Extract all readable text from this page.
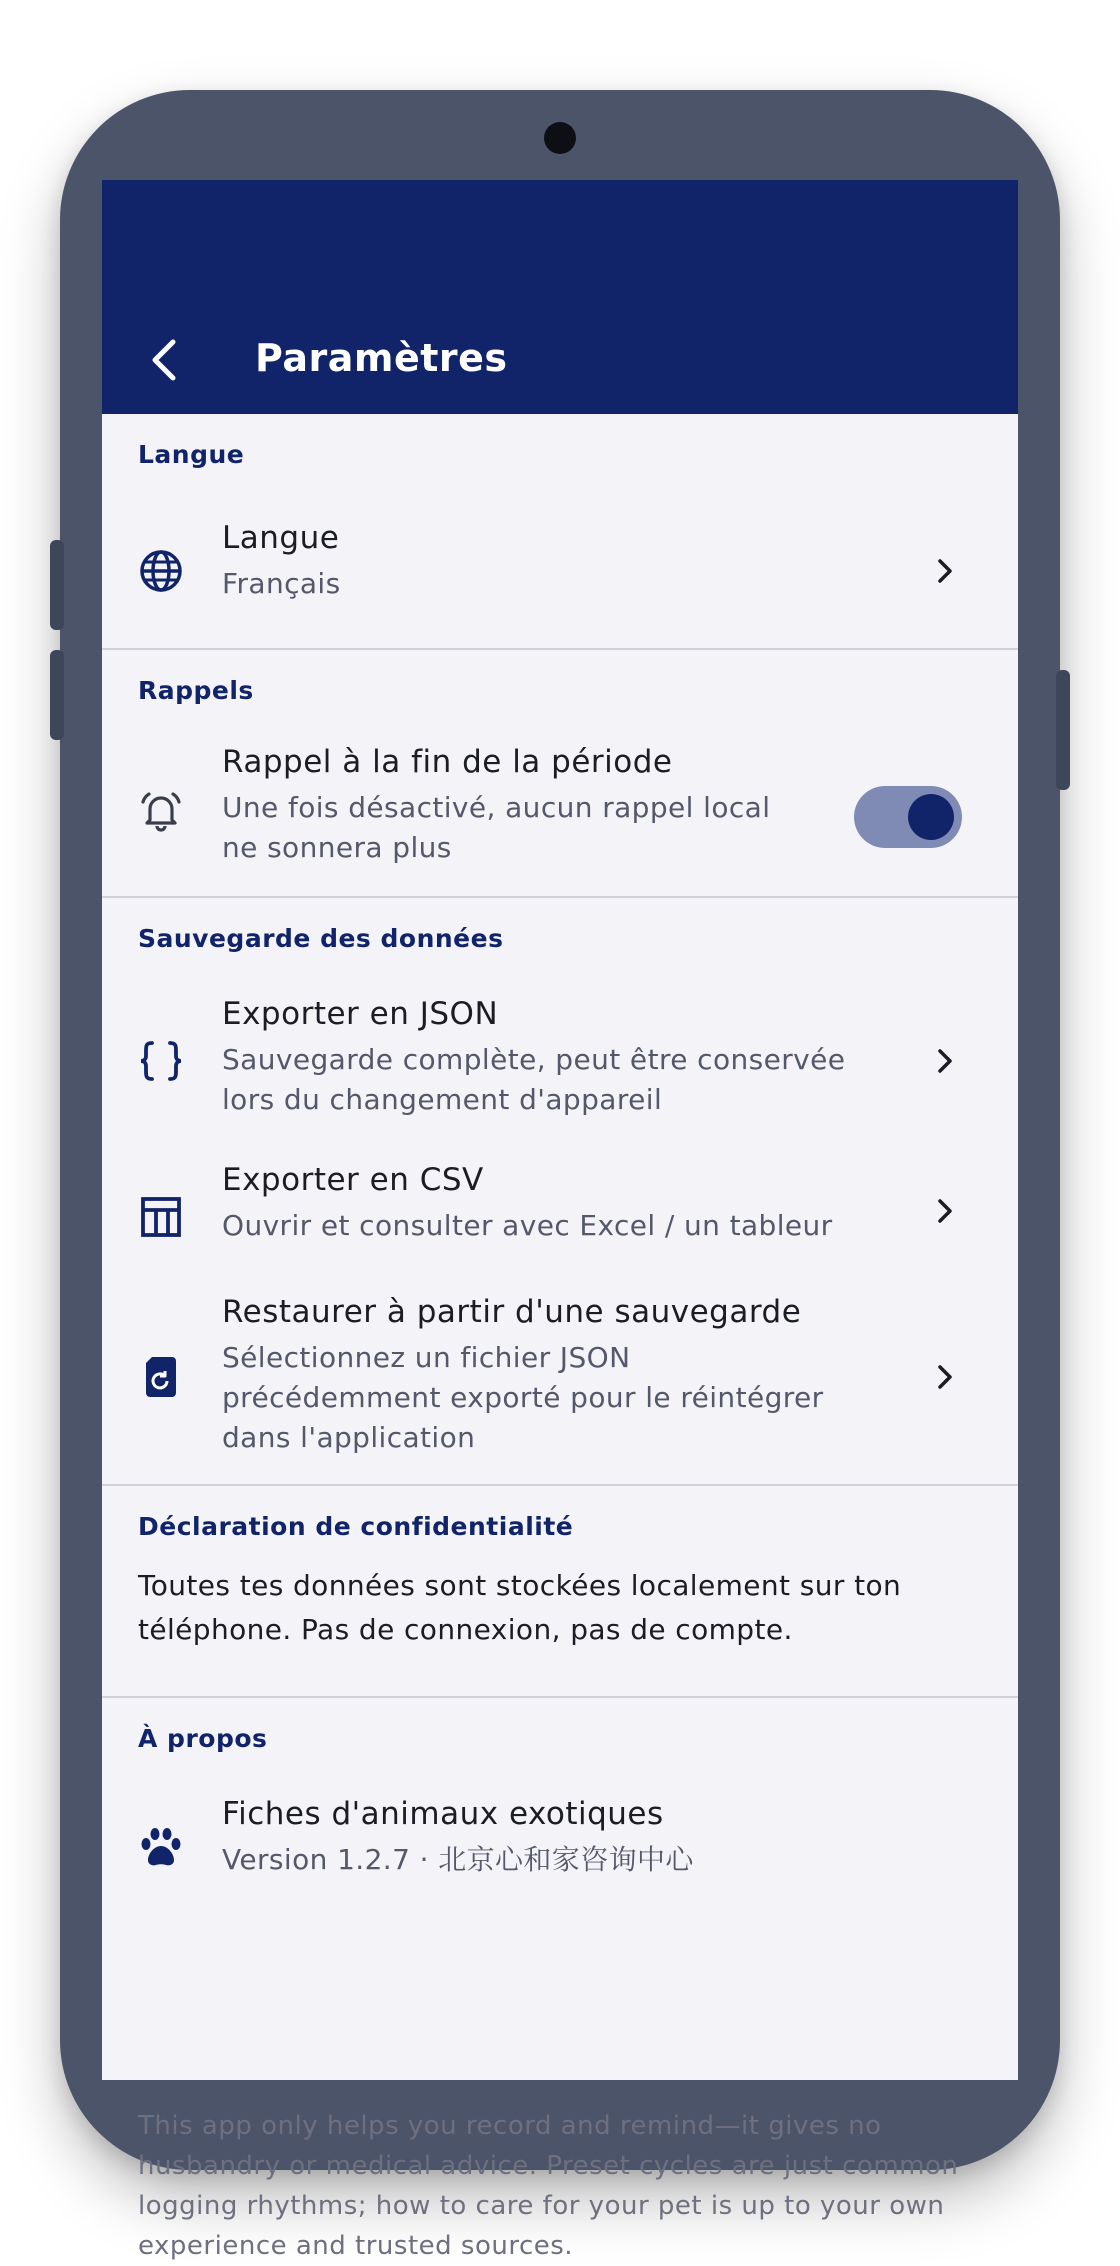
Paramètres
Langue
Langue
Français
Rappels
Rappel à la fin de la période
Une fois désactivé, aucun rappel local
ne sonnera plus
Sauvegarde des données
Exporter en JSON
Sauvegarde complète, peut être conservée
lors du changement d'appareil
Exporter en CSV
Ouvrir et consulter avec Excel / un tableur
Restaurer à partir d'une sauvegarde
Sélectionnez un fichier JSON
précédemment exporté pour le réintégrer
dans l'application
Déclaration de confidentialité
Toutes tes données sont stockées localement sur ton
téléphone. Pas de connexion, pas de compte.
À propos
Fiches d'animaux exotiques
Version 1.2.7 · 北京心和家咨询中心
This app only helps you record and remind—it gives no
husbandry or medical advice. Preset cycles are just common
logging rhythms; how to care for your pet is up to your own
experience and trusted sources.
